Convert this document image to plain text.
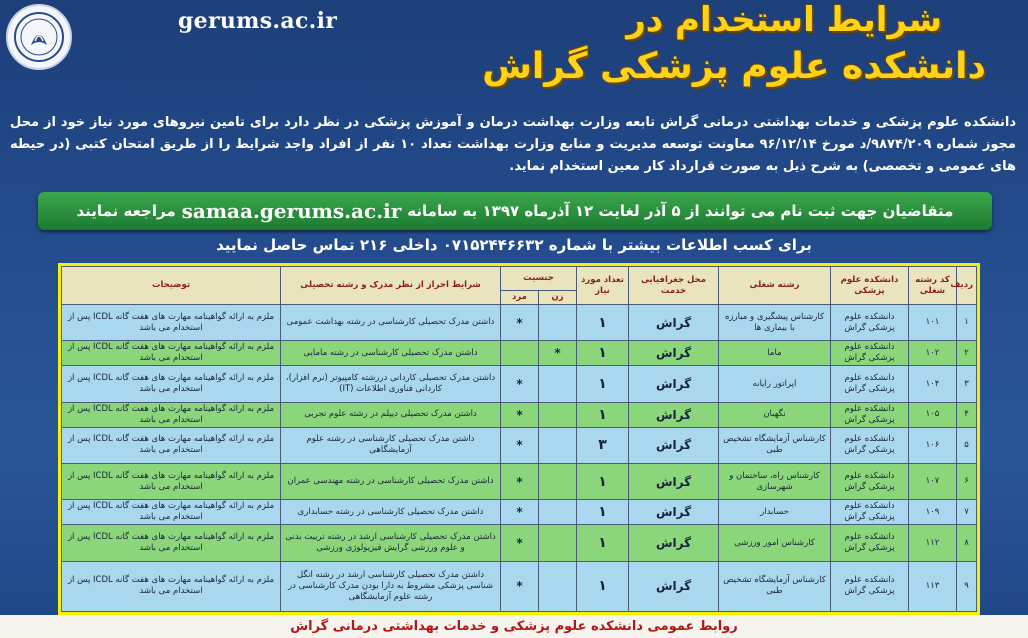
gerums.ac.ir	شرایط استخدام در
دانشکده علوم پزشکی گراش
دانشکده علوم پزشکی و خدمات بهداشتی درمانی گراش تابعه وزارت بهداشت درمان و آموزش پزشکی در نظر دارد برای تامین نیروهای مورد نیاز خود از محل مجوز شماره ۹۸۷۴/۲۰۹/د مورخ ۹۶/۱۲/۱۴ معاونت توسعه مدیریت و منابع وزارت بهداشت تعداد ۱۰ نفر از افراد واجد شرایط را از طریق امتحان کتبی (در حیطه های عمومی و تخصصی) به شرح ذیل به صورت قرارداد کار معین استخدام نماید.
متقاضیان جهت ثبت نام می توانند از ۵ آذر لغایت ۱۲ آذرماه ۱۳۹۷ به سامانه
samaa.gerums.ac.ir
مراجعه نمایند
برای کسب اطلاعات بیشتر با شماره ۰۷۱۵۲۴۴۶۶۳۲ داخلی ۲۱۶ تماس حاصل نمایید
ردیف	کد رشته شغلی	دانشکده علوم پزشکی	رشته شغلی	محل جغرافیایی خدمت	تعداد مورد نیاز	جنسیت		شرایط احراز از نظر مدرک و رشته تحصیلی	توضیحات
						زن	مرد		
۱	۱۰۱	دانشکده علوم پزشکی گراش	کارشناس پیشگیری و مبارزه با بیماری ها	گراش	۱		*	داشتن مدرک تحصیلی کارشناسی در رشته بهداشت عمومی	ملزم به ارائه گواهینامه مهارت های هفت گانه ICDL پس از استخدام می باشد
۲	۱۰۲	دانشکده علوم پزشکی گراش	ماما	گراش	۱	*		داشتن مدرک تحصیلی کارشناسی در رشته مامایی	ملزم به ارائه گواهینامه مهارت های هفت گانه ICDL پس از استخدام می باشد
۳	۱۰۴	دانشکده علوم پزشکی گراش	اپراتور رایانه	گراش	۱		*	داشتن مدرک تحصیلی کاردانی دررشته کامپیوتر (نرم افزار)، کاردانی فناوری اطلاعات (IT)	ملزم به ارائه گواهینامه مهارت های هفت گانه ICDL پس از استخدام می باشد
۴	۱۰۵	دانشکده علوم پزشکی گراش	نگهبان	گراش	۱		*	داشتن مدرک تحصیلی دیپلم در رشته علوم تجربی	ملزم به ارائه گواهینامه مهارت های هفت گانه ICDL پس از استخدام می باشد
۵	۱۰۶	دانشکده علوم پزشکی گراش	کارشناس آزمایشگاه تشخیص طبی	گراش	۳		*	داشتن مدرک تحصیلی کارشناسی در رشته علوم آزمایشگاهی	ملزم به ارائه گواهینامه مهارت های هفت گانه ICDL پس از استخدام می باشد
۶	۱۰۷	دانشکده علوم پزشکی گراش	کارشناس راه، ساختمان و شهرسازی	گراش	۱		*	داشتن مدرک تحصیلی کارشناسی در رشته مهندسی عمران	ملزم به ارائه گواهینامه مهارت های هفت گانه ICDL پس از استخدام می باشد
۷	۱۰۹	دانشکده علوم پزشکی گراش	حسابدار	گراش	۱		*	داشتن مدرک تحصیلی کارشناسی در رشته حسابداری	ملزم به ارائه گواهینامه مهارت های هفت گانه ICDL پس از استخدام می باشد
۸	۱۱۲	دانشکده علوم پزشکی گراش	کارشناس امور ورزشی	گراش	۱		*	داشتن مدرک تحصیلی کارشناسی ارشد در رشته تربیت بدنی و علوم ورزشی گرایش فیزیولوژی ورزشی	ملزم به ارائه گواهینامه مهارت های هفت گانه ICDL پس از استخدام می باشد
۹	۱۱۳	دانشکده علوم پزشکی گراش	کارشناس آزمایشگاه تشخیص طبی	گراش	۱		*	داشتن مدرک تحصیلی کارشناسی ارشد در رشته انگل شناسی پزشکی مشروط به دارا بودن مدرک کارشناسی در رشته علوم آزمایشگاهی	ملزم به ارائه گواهینامه مهارت های هفت گانه ICDL پس از استخدام می باشد
روابط عمومی دانشکده علوم پزشکی و خدمات بهداشتی درمانی گراش
